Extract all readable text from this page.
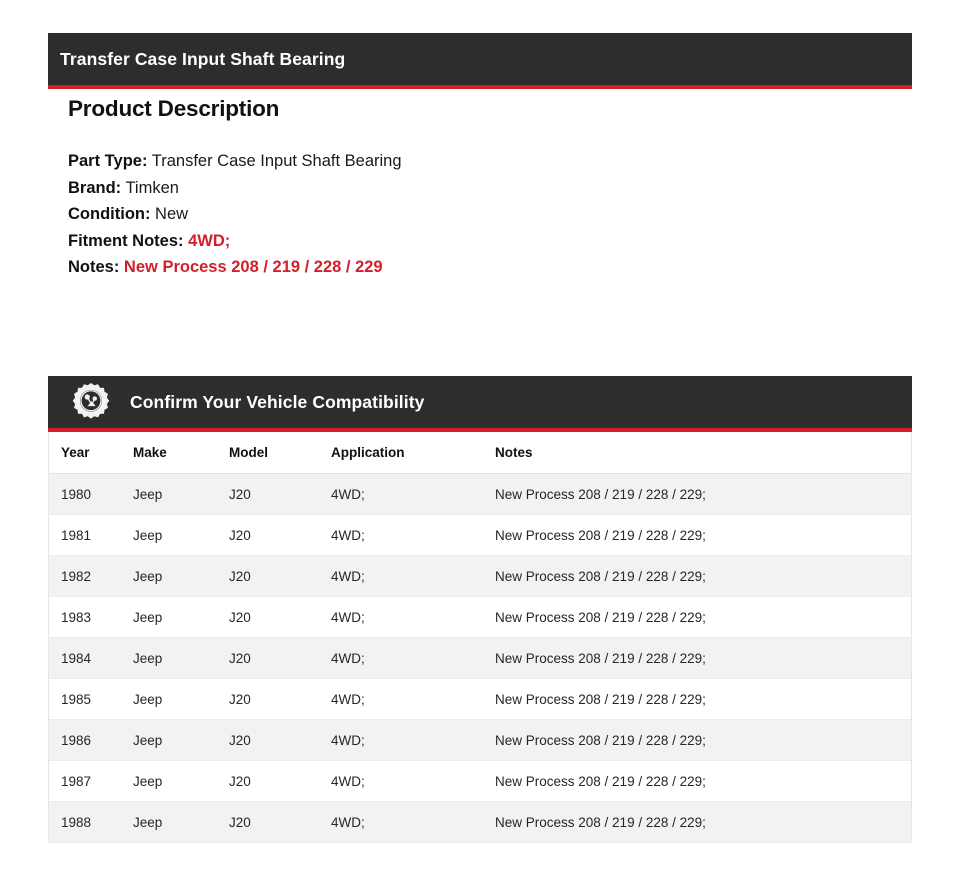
Transfer Case Input Shaft Bearing
Product Description
Part Type: Transfer Case Input Shaft Bearing
Brand: Timken
Condition: New
Fitment Notes: 4WD;
Notes: New Process 208 / 219 / 228 / 229
Confirm Your Vehicle Compatibility
Year	Make	Model	Application	Notes
1980	Jeep	J20	4WD;	New Process 208 / 219 / 228 / 229;
1981	Jeep	J20	4WD;	New Process 208 / 219 / 228 / 229;
1982	Jeep	J20	4WD;	New Process 208 / 219 / 228 / 229;
1983	Jeep	J20	4WD;	New Process 208 / 219 / 228 / 229;
1984	Jeep	J20	4WD;	New Process 208 / 219 / 228 / 229;
1985	Jeep	J20	4WD;	New Process 208 / 219 / 228 / 229;
1986	Jeep	J20	4WD;	New Process 208 / 219 / 228 / 229;
1987	Jeep	J20	4WD;	New Process 208 / 219 / 228 / 229;
1988	Jeep	J20	4WD;	New Process 208 / 219 / 228 / 229;
